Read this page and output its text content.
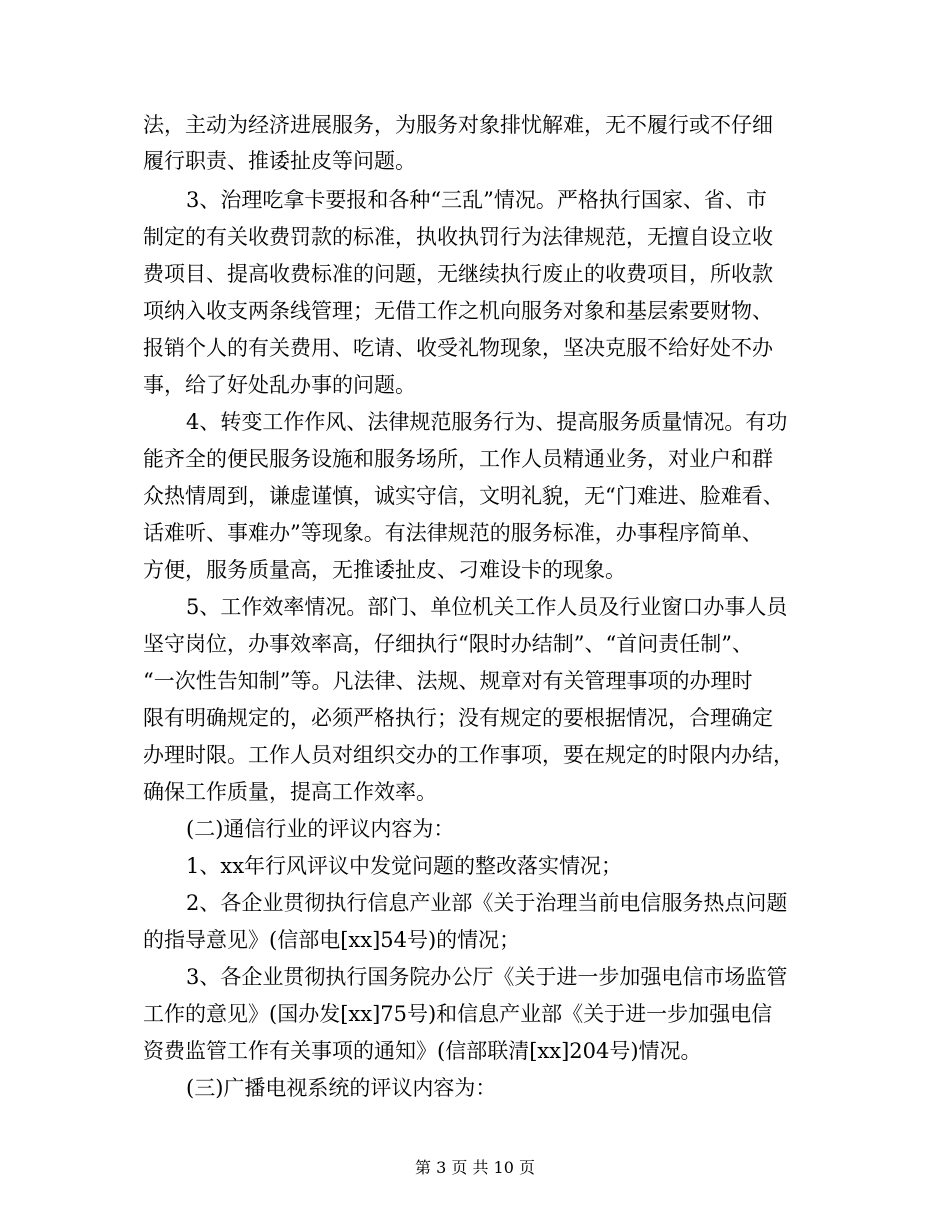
法，主动为经济进展服务，为服务对象排忧解难，无不履行或不仔细
履行职责、推诿扯皮等问题。
3、治理吃拿卡要报和各种“三乱”情况。严格执行国家、省、市
制定的有关收费罚款的标准，执收执罚行为法律规范，无擅自设立收
费项目、提高收费标准的问题，无继续执行废止的收费项目，所收款
项纳入收支两条线管理；无借工作之机向服务对象和基层索要财物、
报销个人的有关费用、吃请、收受礼物现象，坚决克服不给好处不办
事，给了好处乱办事的问题。
4、转变工作作风、法律规范服务行为、提高服务质量情况。有功
能齐全的便民服务设施和服务场所，工作人员精通业务，对业户和群
众热情周到，谦虚谨慎，诚实守信，文明礼貌，无“门难进、脸难看、
话难听、事难办”等现象。有法律规范的服务标准，办事程序简单、
方便，服务质量高，无推诿扯皮、刁难设卡的现象。
5、工作效率情况。部门、单位机关工作人员及行业窗口办事人员
坚守岗位，办事效率高，仔细执行“限时办结制”、“首问责任制”、
“一次性告知制”等。凡法律、法规、规章对有关管理事项的办理时
限有明确规定的，必须严格执行；没有规定的要根据情况，合理确定
办理时限。工作人员对组织交办的工作事项，要在规定的时限内办结，
确保工作质量，提高工作效率。
(二)通信行业的评议内容为：
1、xx年行风评议中发觉问题的整改落实情况；
2、各企业贯彻执行信息产业部《关于治理当前电信服务热点问题
的指导意见》(信部电[xx]54号)的情况；
3、各企业贯彻执行国务院办公厅《关于进一步加强电信市场监管
工作的意见》(国办发[xx]75号)和信息产业部《关于进一步加强电信
资费监管工作有关事项的通知》(信部联清[xx]204号)情况。
(三)广播电视系统的评议内容为：
第 3 页 共 10 页
